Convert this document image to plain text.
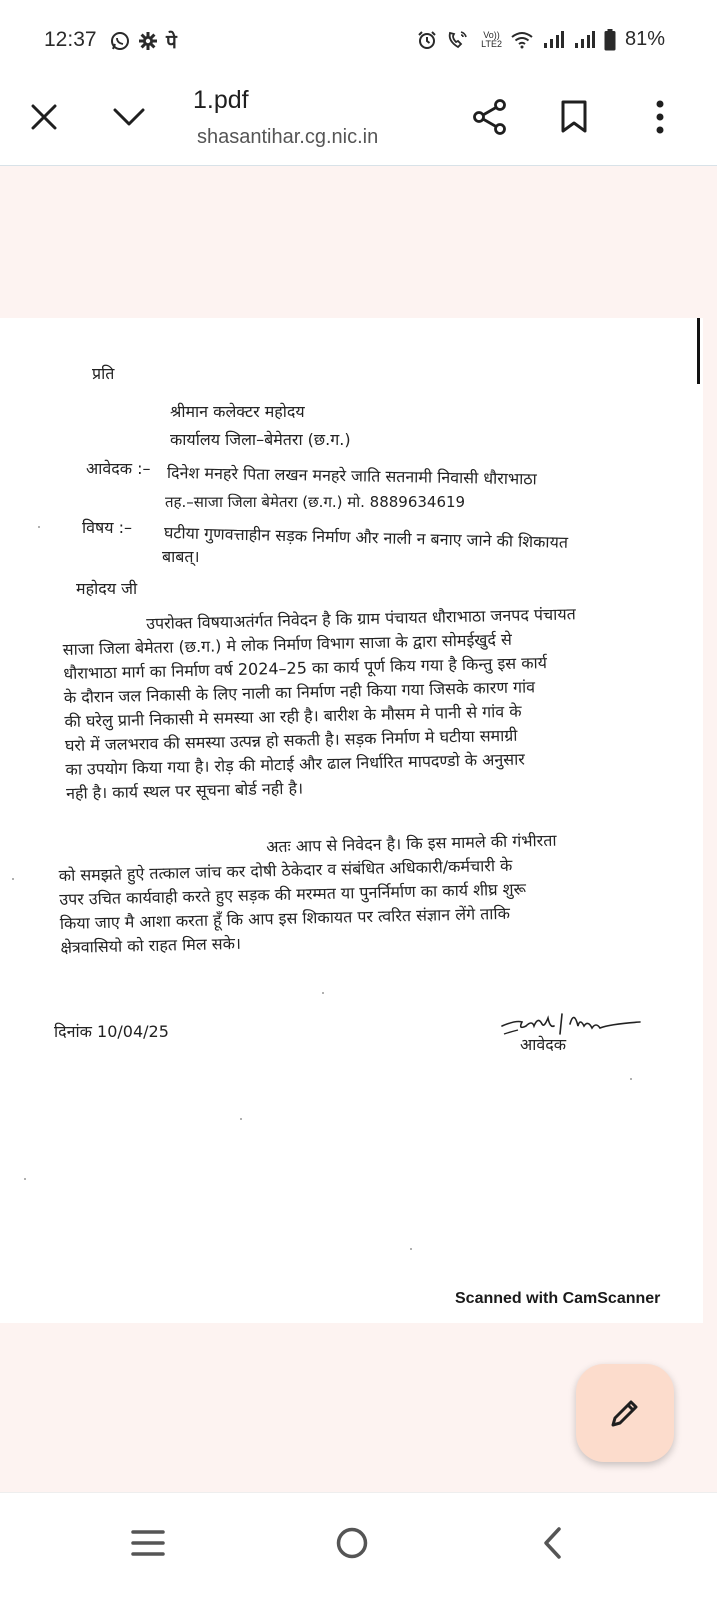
12:37	पे	Vo))
LTE2	81%
1.pdf
shasantihar.cg.nic.in
प्रति
श्रीमान कलेक्टर महोदय
कार्यालय जिला–बेमेतरा (छ.ग.)
आवेदक :– दिनेश मनहरे पिता लखन मनहरे जाति सतनामी निवासी धौराभाठा
तह.–साजा जिला बेमेतरा (छ.ग.) मो. 8889634619
विषय :– घटीया गुणवत्ताहीन सड़क निर्माण और नाली न बनाए जाने की शिकायत
बाबत्।
महोदय जी
उपरोक्त विषयाअतंर्गत निवेदन है कि ग्राम पंचायत धौराभाठा जनपद पंचायत
साजा जिला बेमेतरा (छ.ग.) मे लोक निर्माण विभाग साजा के द्वारा सोमईखुर्द से
धौराभाठा मार्ग का निर्माण वर्ष 2024–25 का कार्य पूर्ण किय गया है किन्तु इस कार्य
के दौरान जल निकासी के लिए नाली का निर्माण नही किया गया जिसके कारण गांव
की घरेलु प्रानी निकासी मे समस्या आ रही है। बारीश के मौसम मे पानी से गांव के
घरो में जलभराव की समस्या उत्पन्न हो सकती है। सड़क निर्माण मे घटीया समाग्री
का उपयोग किया गया है। रोड़ की मोटाई और ढाल निर्धारित मापदण्डो के अनुसार
नही है। कार्य स्थल पर सूचना बोर्ड नही है।
अतः आप से निवेदन है। कि इस मामले की गंभीरता
को समझते हुऐ तत्काल जांच कर दोषी ठेकेदार व संबंधित अधिकारी/कर्मचारी के
उपर उचित कार्यवाही करते हुए सड़क की मरम्मत या पुनर्निर्माण का कार्य शीघ्र शुरू
किया जाए मै आशा करता हूँ कि आप इस शिकायत पर त्वरित संज्ञान लेंगे ताकि
क्षेत्रवासियो को राहत मिल सके।
दिनांक 10/04/25
आवेदक
Scanned with CamScanner
